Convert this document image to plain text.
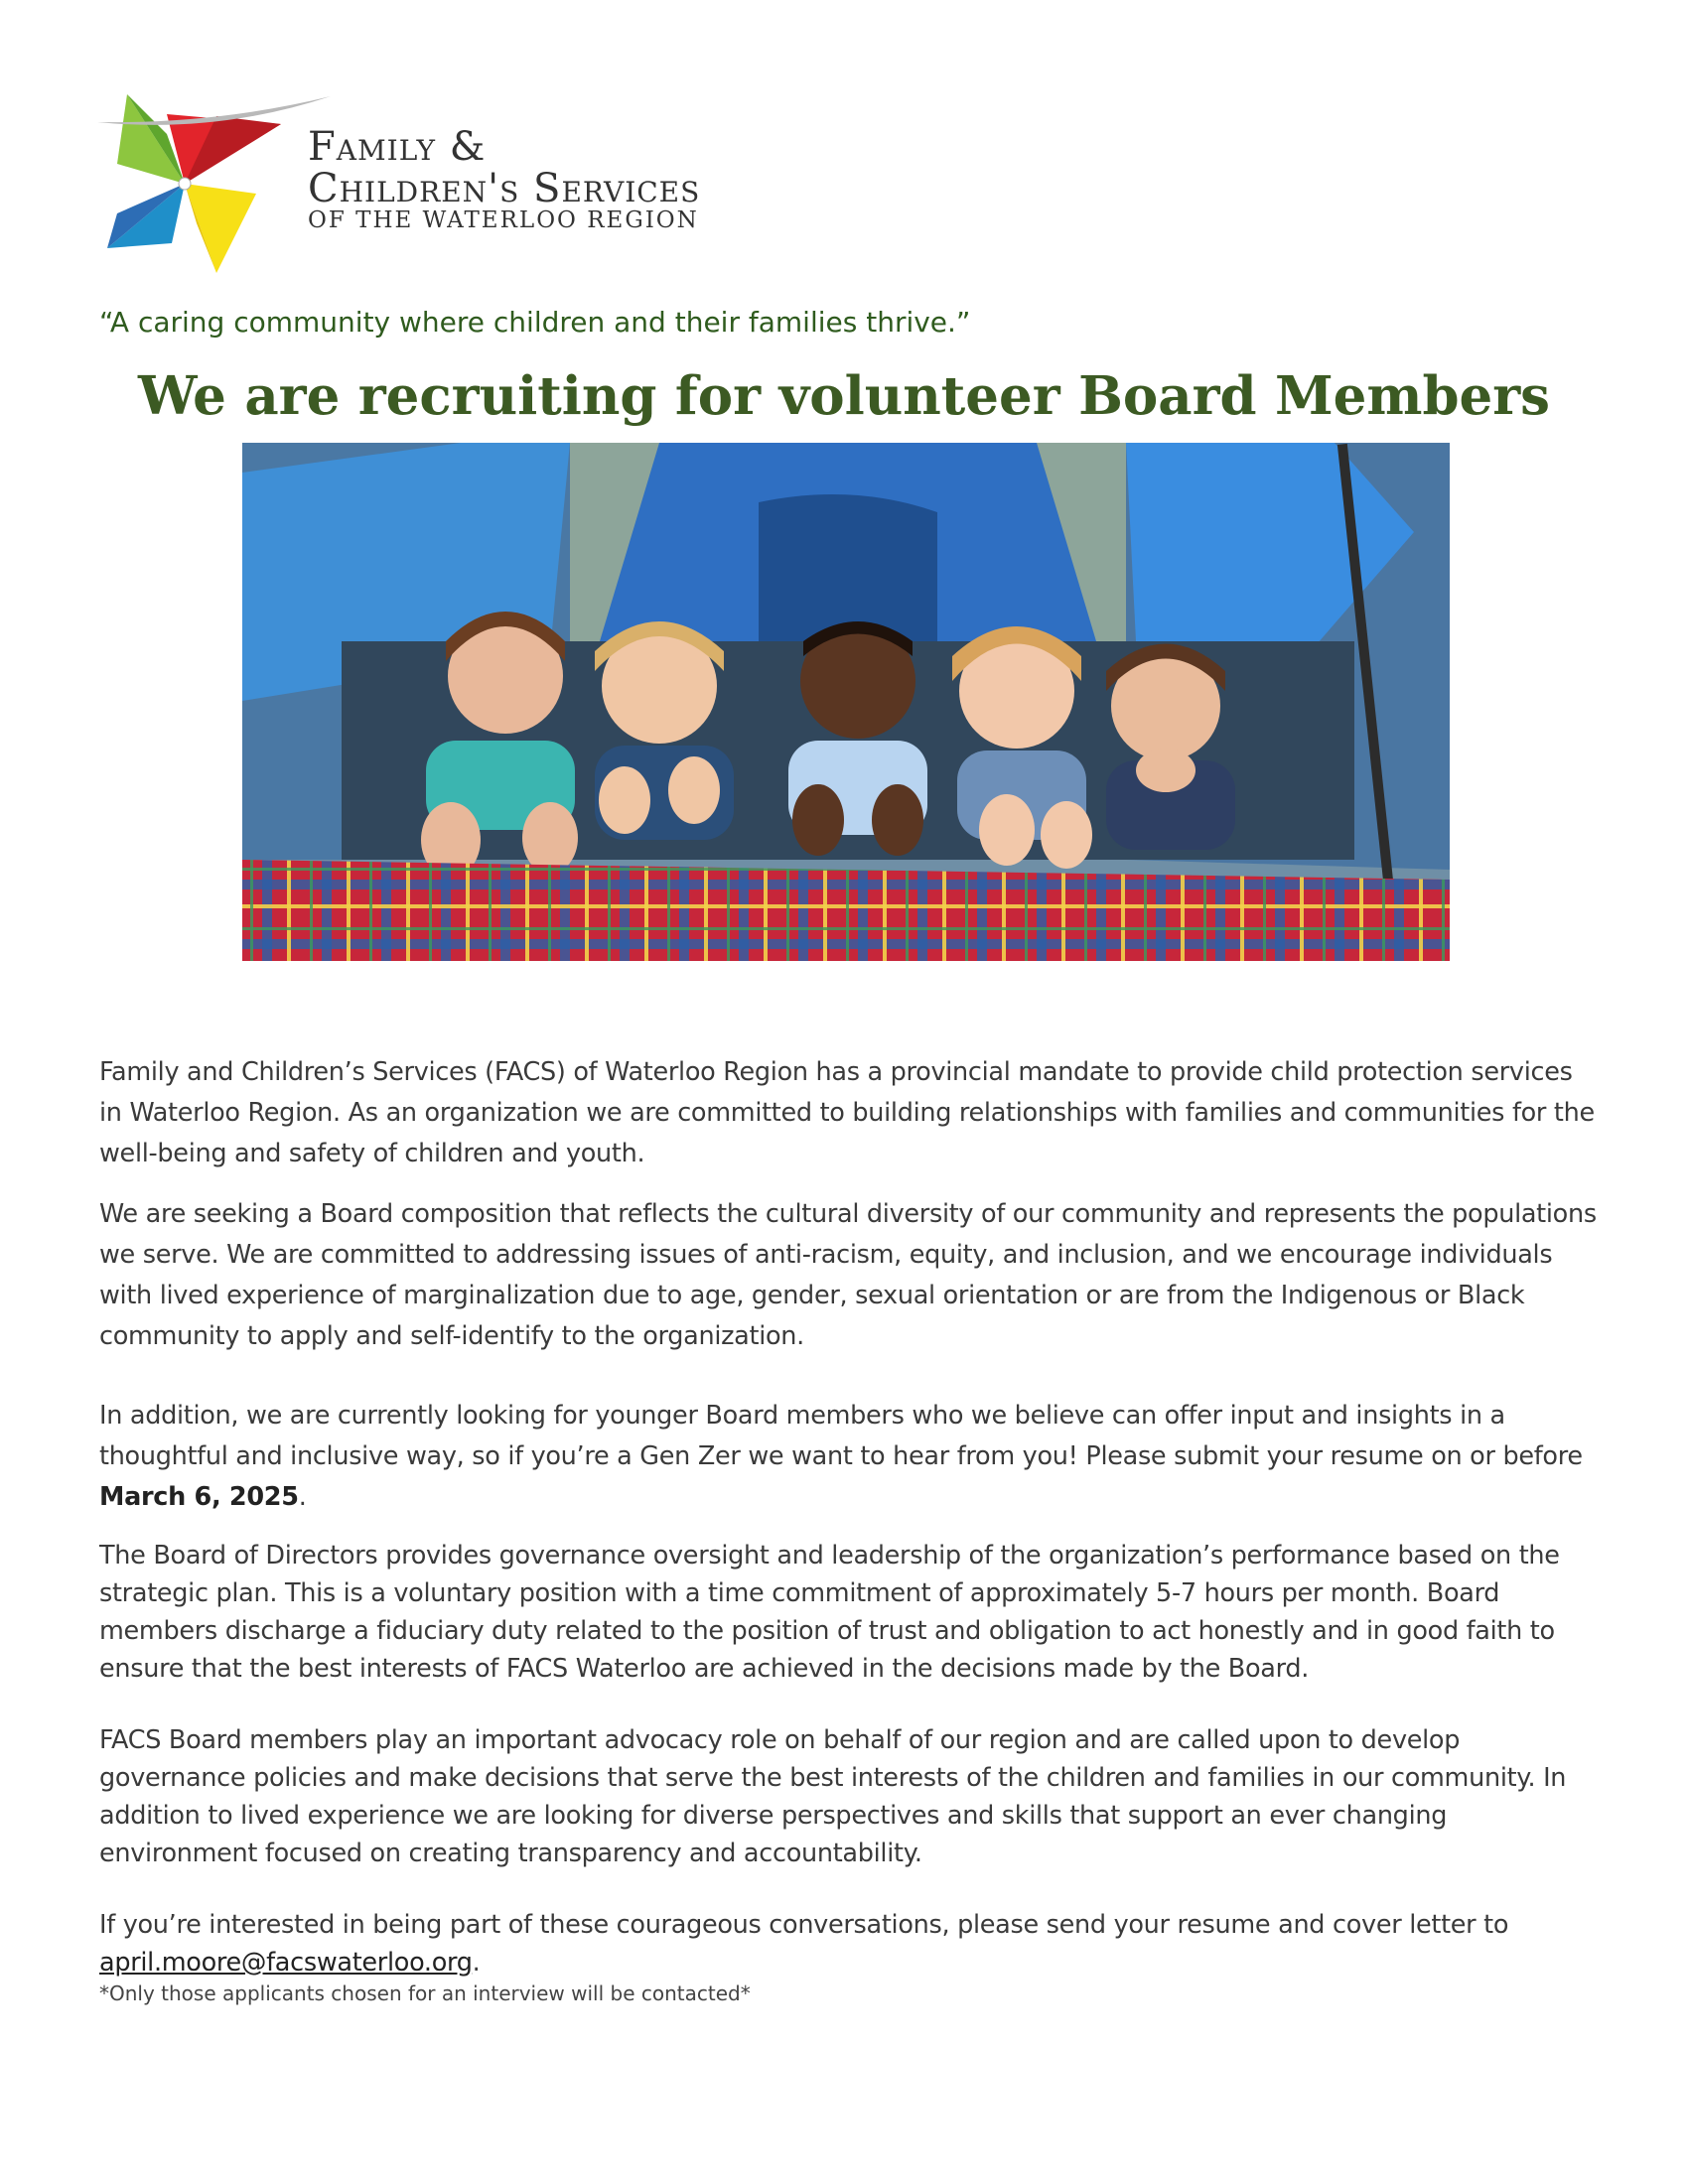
Family &
Children's Services
OF THE WATERLOO REGION
“A caring community where children and their families thrive.”
We are recruiting for volunteer Board Members

Family and Children’s Services (FACS) of Waterloo Region has a provincial mandate to provide child protection services in Waterloo Region. As an organization we are committed to building relationships with families and communities for the well-being and safety of children and youth.

We are seeking a Board composition that reflects the cultural diversity of our community and represents the populations we serve. We are committed to addressing issues of anti-racism, equity, and inclusion, and we encourage individuals with lived experience of marginalization due to age, gender, sexual orientation or are from the Indigenous or Black community to apply and self-identify to the organization.

In addition, we are currently looking for younger Board members who we believe can offer input and insights in a thoughtful and inclusive way, so if you’re a Gen Zer we want to hear from you! Please submit your resume on or before March 6, 2025.

The Board of Directors provides governance oversight and leadership of the organization’s performance based on the strategic plan. This is a voluntary position with a time commitment of approximately 5-7 hours per month. Board members discharge a fiduciary duty related to the position of trust and obligation to act honestly and in good faith to ensure that the best interests of FACS Waterloo are achieved in the decisions made by the Board.

FACS Board members play an important advocacy role on behalf of our region and are called upon to develop governance policies and make decisions that serve the best interests of the children and families in our community. In addition to lived experience we are looking for diverse perspectives and skills that support an ever changing environment focused on creating transparency and accountability.

If you’re interested in being part of these courageous conversations, please send your resume and cover letter to april.moore@facswaterloo.org.

*Only those applicants chosen for an interview will be contacted*
